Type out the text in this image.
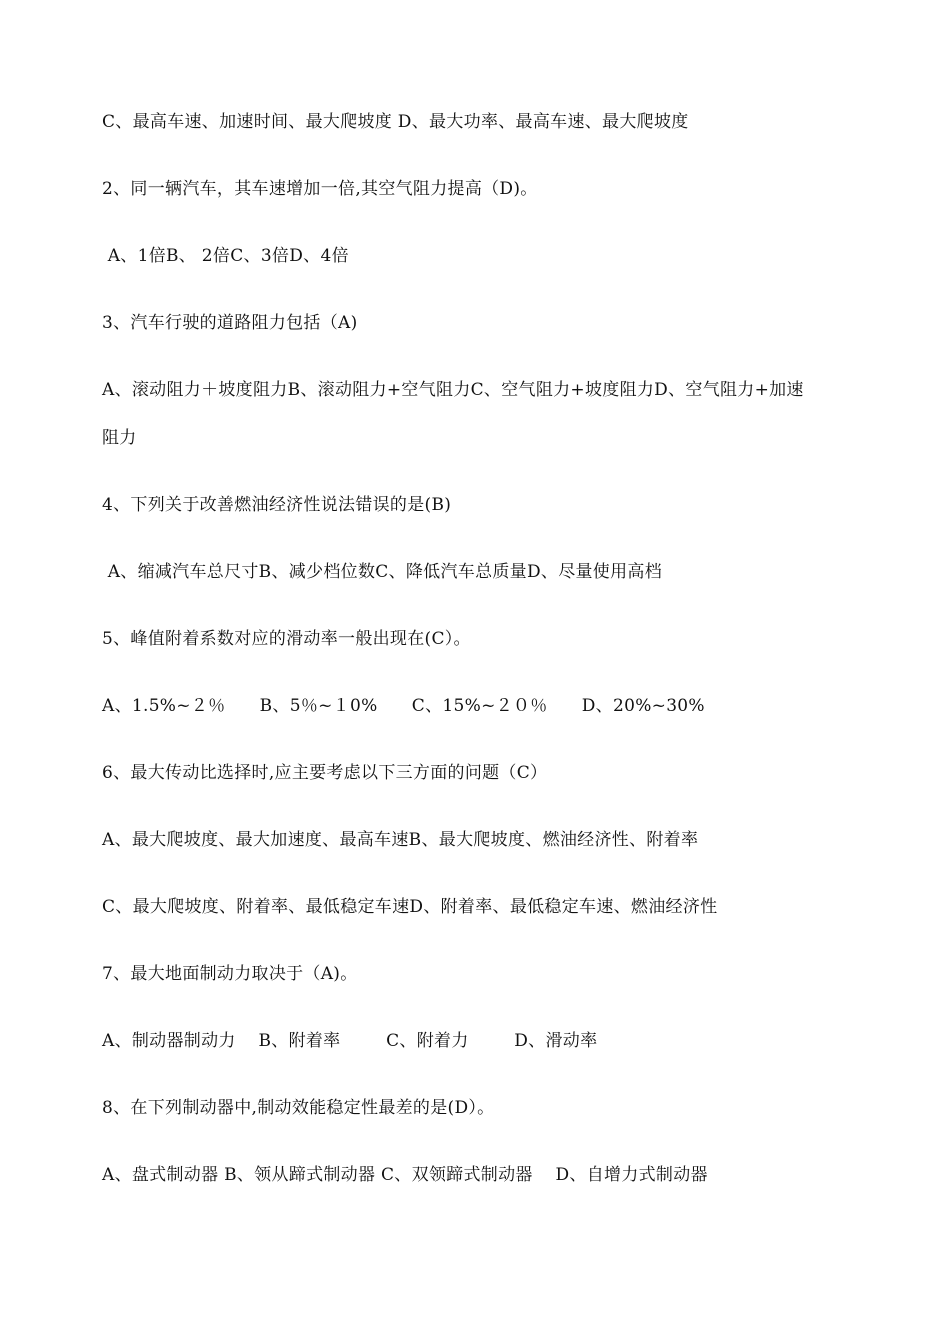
C、最高车速、加速时间、最大爬坡度 D、最大功率、最高车速、最大爬坡度
2、同一辆汽车，其车速增加一倍,其空气阻力提高（D)。
A、1倍B、 2倍C、3倍D、4倍
3、汽车行驶的道路阻力包括（A)
A、滚动阻力＋坡度阻力B、滚动阻力+空气阻力C、空气阻力+坡度阻力D、空气阻力+加速
阻力
4、下列关于改善燃油经济性说法错误的是(B)
A、缩减汽车总尺寸B、减少档位数C、降低汽车总质量D、尽量使用高档
5、峰值附着系数对应的滑动率一般出现在(C）。
A、1.5%~２％      B、5％~１0%      C、15%~２０％      D、20%~30%
6、最大传动比选择时,应主要考虑以下三方面的问题（C）
A、最大爬坡度、最大加速度、最高车速B、最大爬坡度、燃油经济性、附着率
C、最大爬坡度、附着率、最低稳定车速D、附着率、最低稳定车速、燃油经济性
7、最大地面制动力取决于（A)。
A、制动器制动力    B、附着率        C、附着力        D、滑动率
8、在下列制动器中,制动效能稳定性最差的是(D）。
A、盘式制动器 B、领从蹄式制动器 C、双领蹄式制动器    D、自增力式制动器
